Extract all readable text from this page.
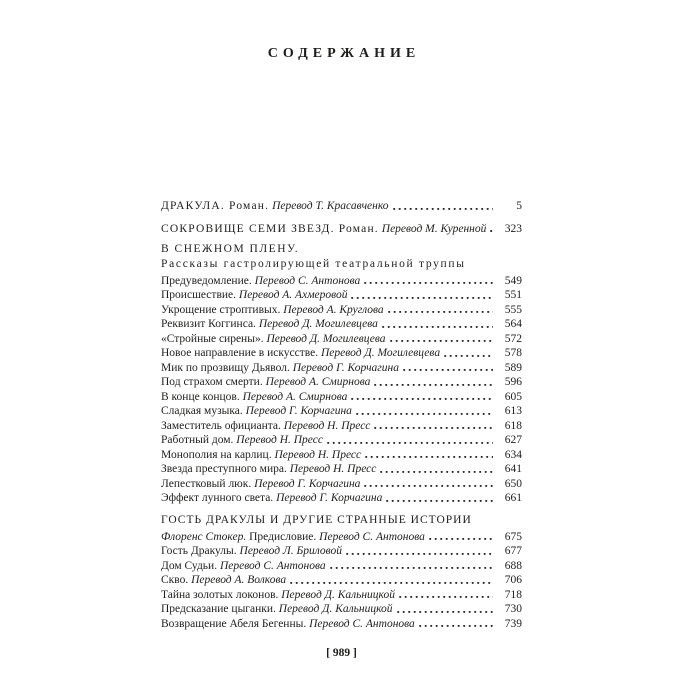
СОДЕРЖАНИЕ
ДРАКУЛА. Роман. Перевод Т. Красавченко	5
СОКРОВИЩЕ СЕМИ ЗВЕЗД. Роман. Перевод М. Куренной	323
В СНЕЖНОМ ПЛЕНУ.
Рассказы гастролирующей театральной труппы
Предуведомление. Перевод С. Антонова	549
Происшествие. Перевод А. Ахмеровой	551
Укрощение строптивых. Перевод А. Круглова	555
Реквизит Коггинса. Перевод Д. Могилевцева	564
«Стройные сирены». Перевод Д. Могилевцева	572
Новое направление в искусстве. Перевод Д. Могилевцева	578
Мик по прозвищу Дьявол. Перевод Г. Корчагина	589
Под страхом смерти. Перевод А. Смирнова	596
В конце концов. Перевод А. Смирнова	605
Сладкая музыка. Перевод Г. Корчагина	613
Заместитель официанта. Перевод Н. Пресс	618
Работный дом. Перевод Н. Пресс	627
Монополия на карлиц. Перевод Н. Пресс	634
Звезда преступного мира. Перевод Н. Пресс	641
Лепестковый люк. Перевод Г. Корчагина	650
Эффект лунного света. Перевод Г. Корчагина	661
ГОСТЬ ДРАКУЛЫ И ДРУГИЕ СТРАННЫЕ ИСТОРИИ
Флоренс Стокер. Предисловие. Перевод С. Антонова	675
Гость Дракулы. Перевод Л. Бриловой	677
Дом Судьи. Перевод С. Антонова	688
Скво. Перевод А. Волкова	706
Тайна золотых локонов. Перевод Д. Кальницкой	718
Предсказание цыганки. Перевод Д. Кальницкой	730
Возвращение Абеля Бегенны. Перевод С. Антонова	739
[ 989 ]
